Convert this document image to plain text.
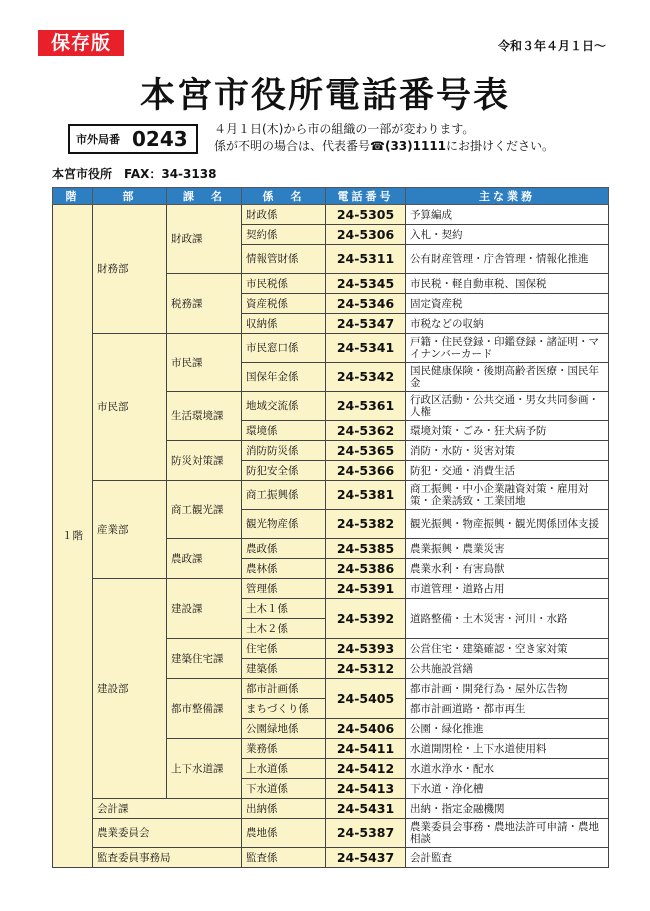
保存版	令和３年４月１日～
本宮市役所電話番号表
市外局番 0243 ４月１日(木)から市の組織の一部が変わります。
係が不明の場合は、代表番号☎(33)1111にお掛けください。
本宮市役所　FAX：34-3138
階	部	課　名	係　名	電話番号	主な業務
１階	財務部	財政課	財政係	24-5305	予算編成
			契約係	24-5306	入札・契約
			情報管財係	24-5311	公有財産管理・庁舎管理・情報化推進
		税務課	市民税係	24-5345	市民税・軽自動車税、国保税
			資産税係	24-5346	固定資産税
			収納係	24-5347	市税などの収納
	市民部	市民課	市民窓口係	24-5341	戸籍・住民登録・印鑑登録・諸証明・マイナンバーカード
			国保年金係	24-5342	国民健康保険・後期高齢者医療・国民年金
		生活環境課	地域交流係	24-5361	行政区活動・公共交通・男女共同参画・人権
			環境係	24-5362	環境対策・ごみ・狂犬病予防
		防災対策課	消防防災係	24-5365	消防・水防・災害対策
			防犯安全係	24-5366	防犯・交通・消費生活
	産業部	商工観光課	商工振興係	24-5381	商工振興・中小企業融資対策・雇用対策・企業誘致・工業団地
			観光物産係	24-5382	観光振興・物産振興・観光関係団体支援
		農政課	農政係	24-5385	農業振興・農業災害
			農林係	24-5386	農業水利・有害鳥獣
	建設部	建設課	管理係	24-5391	市道管理・道路占用
			土木１係	24-5392	道路整備・土木災害・河川・水路
			土木２係		
		建築住宅課	住宅係	24-5393	公営住宅・建築確認・空き家対策
			建築係	24-5312	公共施設営繕
		都市整備課	都市計画係	24-5405	都市計画・開発行為・屋外広告物
			まちづくり係		都市計画道路・都市再生
			公園緑地係	24-5406	公園・緑化推進
		上下水道課	業務係	24-5411	水道開閉栓・上下水道使用料
			上水道係	24-5412	水道水浄水・配水
			下水道係	24-5413	下水道・浄化槽
	会計課		出納係	24-5431	出納・指定金融機関
	農業委員会		農地係	24-5387	農業委員会事務・農地法許可申請・農地相談
	監査委員事務局		監査係	24-5437	会計監査
